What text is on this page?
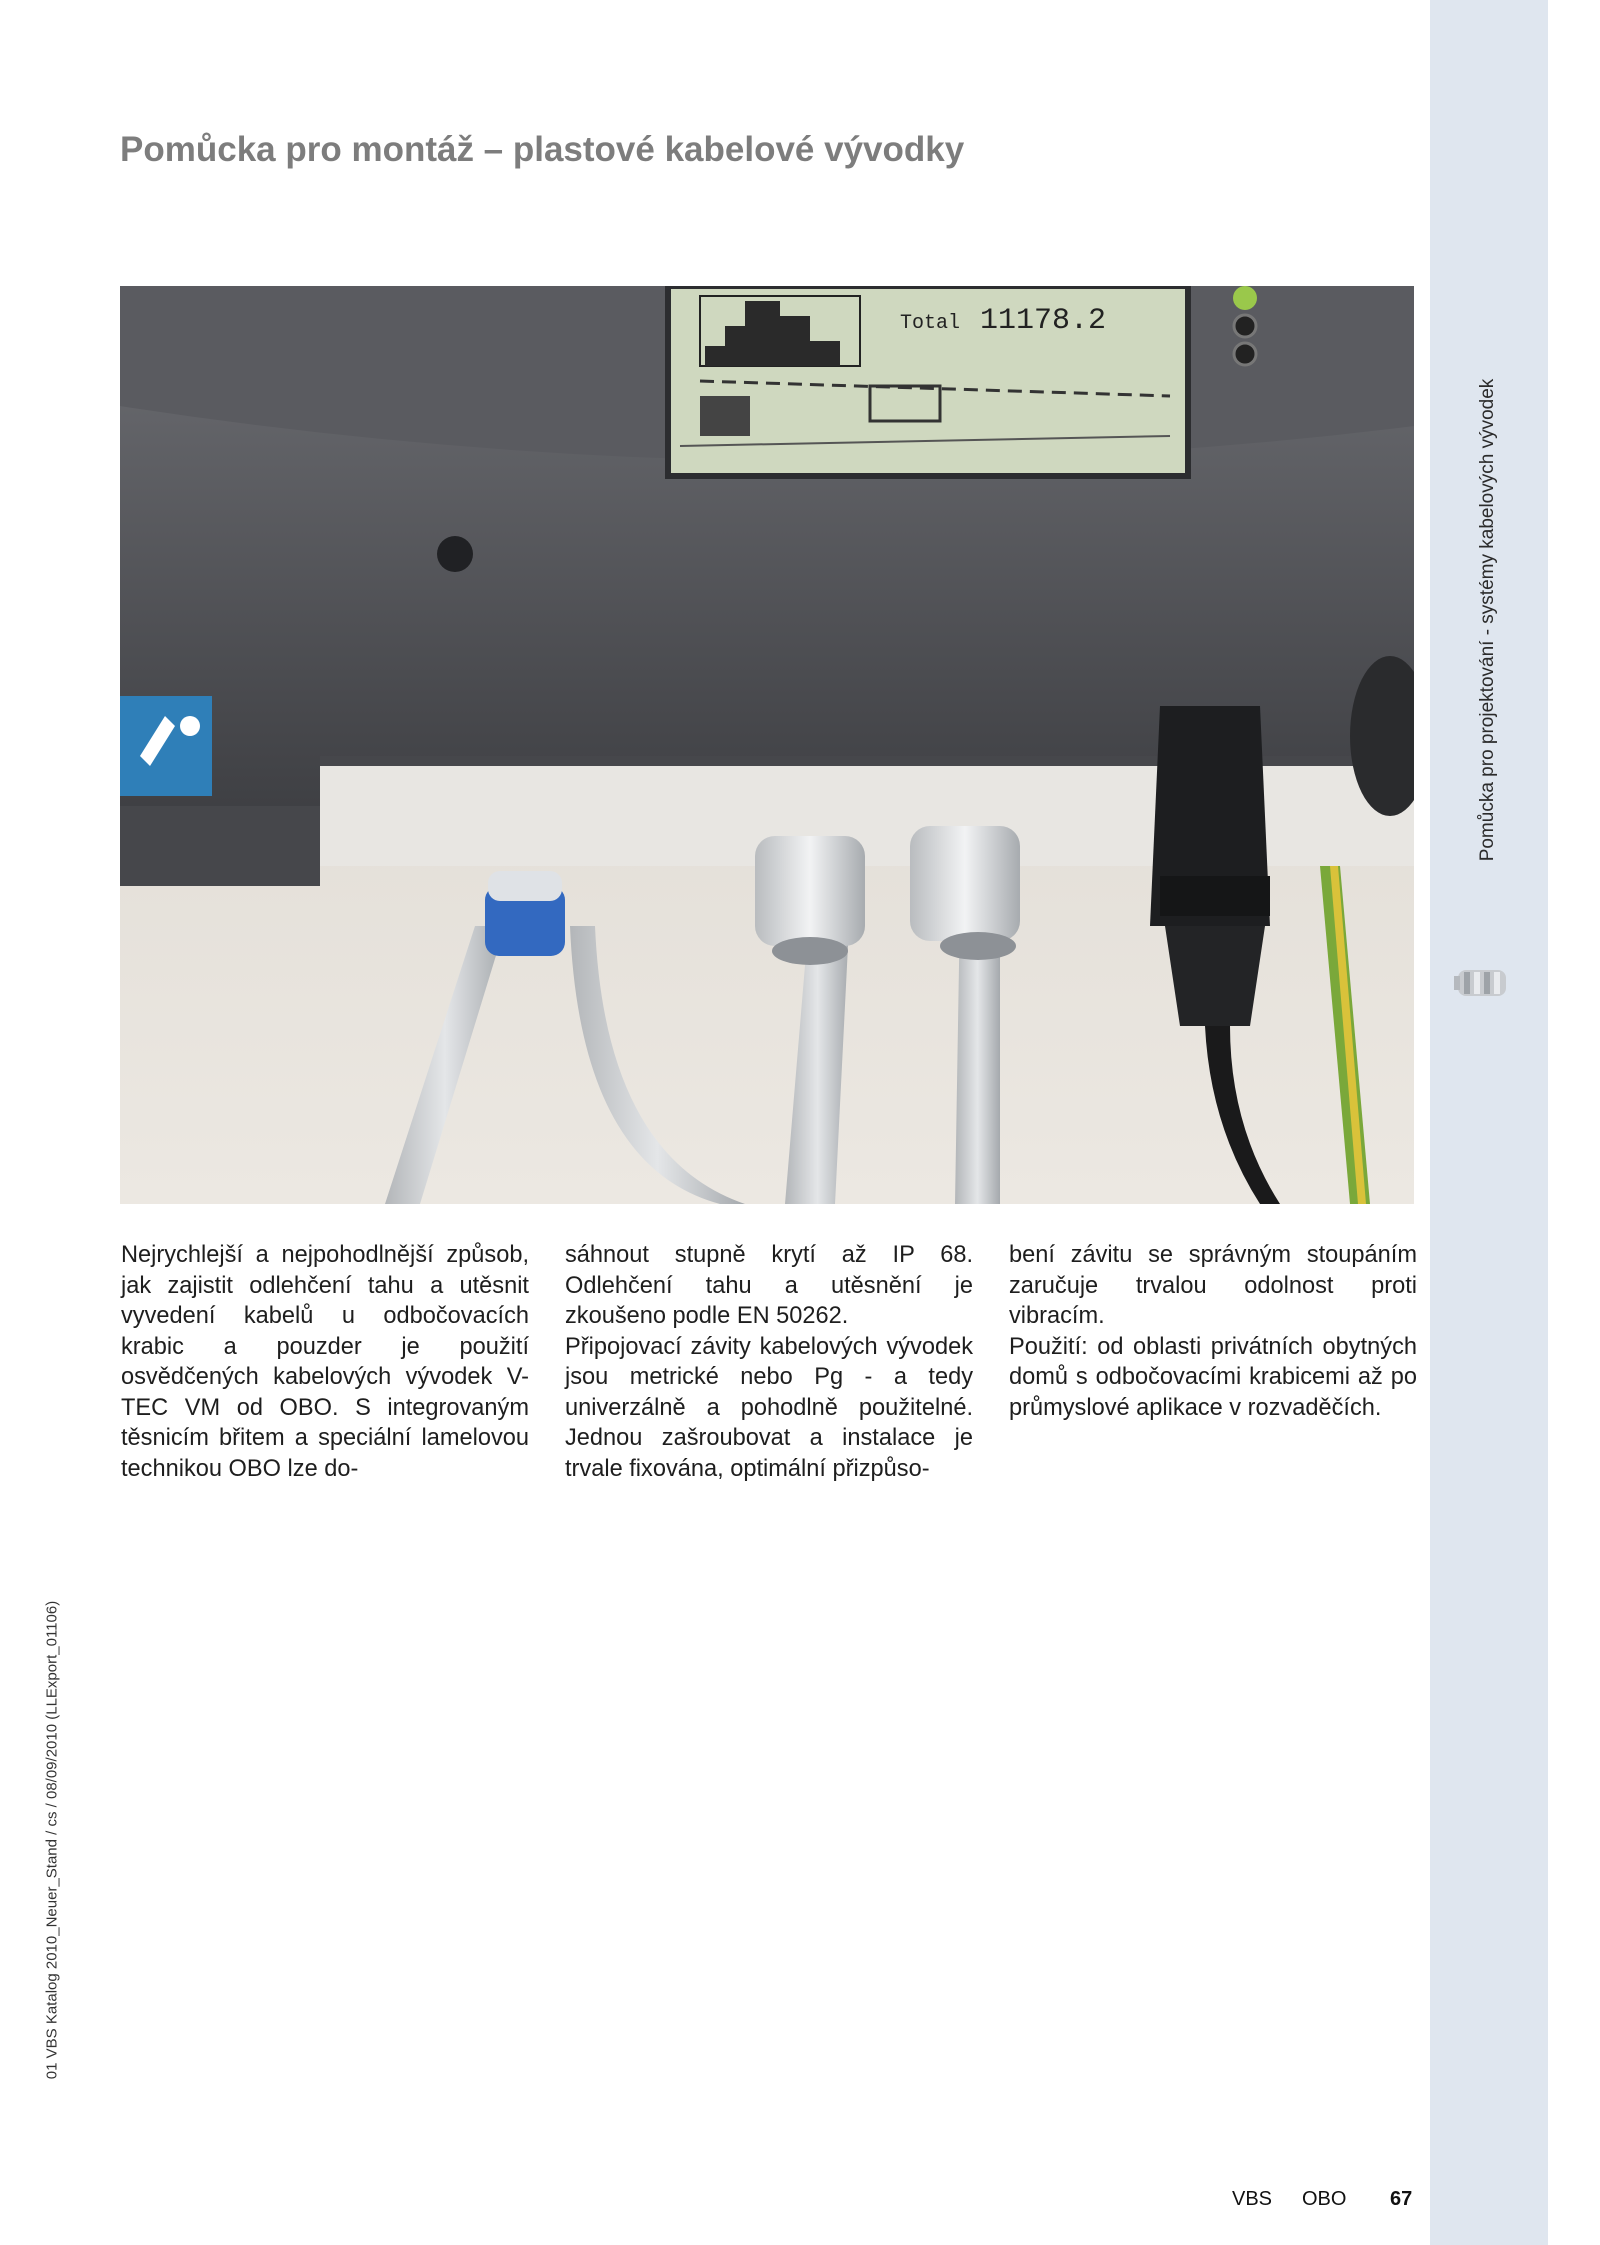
Pomůcka pro projektování - systémy kabelových vývodek
Pomůcka pro montáž – plastové kabelové vývodky
Total 11178.2

Nejrychlejší a nejpohodlnější způsob, jak zajistit odlehčení tahu a utěsnit vyvedení kabelů u odbočovacích krabic a pouzder je použití osvědčených kabelových vývodek V-TEC VM od OBO. S integrovaným těsnicím břitem a speciální lamelovou technikou OBO lze do-

sáhnout stupně krytí až IP 68. Odlehčení tahu a utěsnění je zkoušeno podle EN 50262.

Připojovací závity kabelových vývodek jsou metrické nebo Pg - a tedy univerzálně a pohodlně použitelné. Jednou zašroubovat a instalace je trvale fixována, optimální přizpůso-

bení závitu se správným stoupáním zaručuje trvalou odolnost proti vibracím.

Použití: od oblasti privátních obytných domů s odbočovacími krabicemi až po průmyslové aplikace v rozvaděčích.

01 VBS Katalog 2010_Neuer_Stand / cs / 08/09/2010 (LLExport_01106)
VBS OBO 67
